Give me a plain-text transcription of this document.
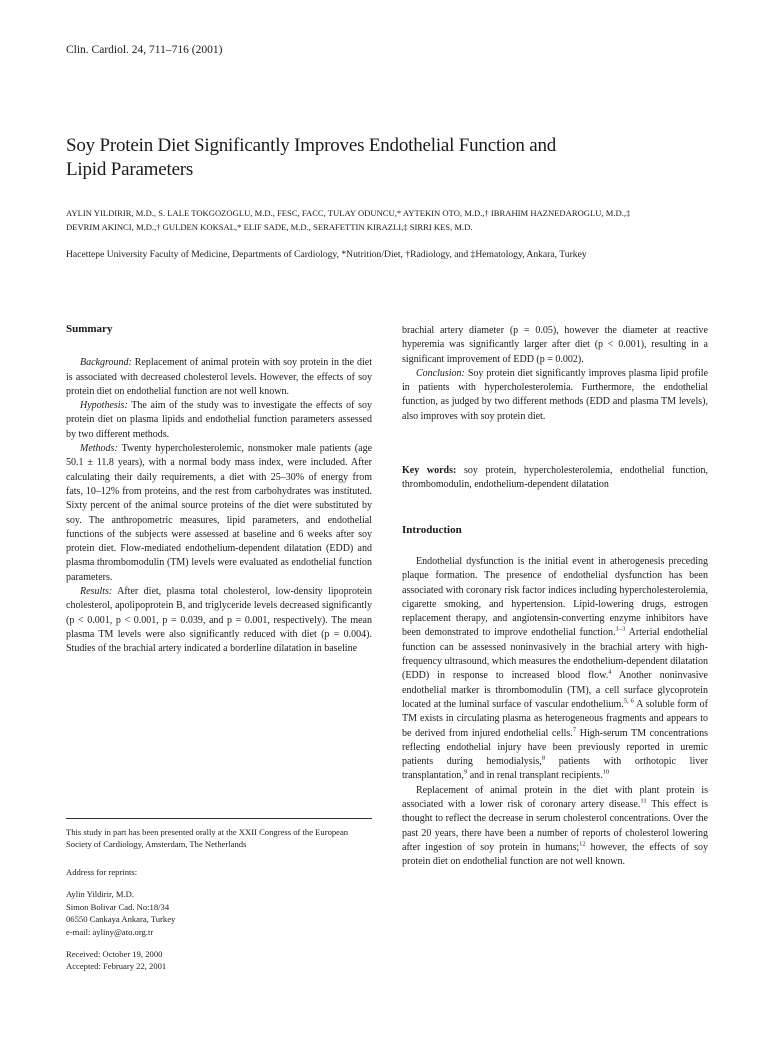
Clin. Cardiol. 24, 711–716 (2001)
Soy Protein Diet Significantly Improves Endothelial Function and
Lipid Parameters
AYLIN YILDIRIR, M.D., S. LALE TOKGOZOGLU, M.D., FESC, FACC, TULAY ODUNCU,* AYTEKIN OTO, M.D.,† IBRAHIM HAZNEDAROGLU, M.D.,‡
DEVRIM AKINCI, M.D.,† GULDEN KOKSAL,* ELIF SADE, M.D., SERAFETTIN KIRAZLI,‡ SIRRI KES, M.D.

Hacettepe University Faculty of Medicine, Departments of Cardiology, *Nutrition/Diet, †Radiology, and ‡Hematology, Ankara, Turkey

Summary

Background: Replacement of animal protein with soy protein in the diet is associated with decreased cholesterol levels. However, the effects of soy protein diet on endothelial function are not well known.

Hypothesis: The aim of the study was to investigate the effects of soy protein diet on plasma lipids and endothelial function parameters assessed by two different methods.

Methods: Twenty hypercholesterolemic, nonsmoker male patients (age 50.1 ± 11.8 years), with a normal body mass index, were included. After calculating their daily requirements, a diet with 25–30% of energy from fats, 10–12% from proteins, and the rest from carbohydrates was instituted. Sixty percent of the animal source proteins of the diet were substituted by soy. The anthropometric measures, lipid parameters, and endothelial functions of the subjects were assessed at baseline and 6 weeks after soy protein diet. Flow-mediated endothelium-dependent dilatation (EDD) and plasma thrombomodulin (TM) levels were evaluated as endothelial function parameters.

Results: After diet, plasma total cholesterol, low-density lipoprotein cholesterol, apolipoprotein B, and triglyceride levels decreased significantly (p < 0.001, p < 0.001, p = 0.039, and p = 0.001, respectively). The mean plasma TM levels were also significantly reduced with diet (p = 0.004). Studies of the brachial artery indicated a borderline dilatation in baseline

This study in part has been presented orally at the XXII Congress of the European Society of Cardiology, Amsterdam, The Netherlands

Address for reprints:

Aylin Yildirir, M.D.

Simon Bolivar Cad. No:18/34

06550 Cankaya Ankara, Turkey

e-mail: ayliny@ato.org.tr

Received: October 19, 2000

Accepted: February 22, 2001

brachial artery diameter (p = 0.05), however the diameter at reactive hyperemia was significantly larger after diet (p < 0.001), resulting in a significant improvement of EDD (p = 0.002).

Conclusion: Soy protein diet significantly improves plasma lipid profile in patients with hypercholesterolemia. Furthermore, the endothelial function, as judged by two different methods (EDD and plasma TM levels), also improves with soy protein diet.

Key words: soy protein, hypercholesterolemia, endothelial function, thrombomodulin, endothelium-dependent dilatation

Introduction

Endothelial dysfunction is the initial event in atherogenesis preceding plaque formation. The presence of endothelial dysfunction has been associated with coronary risk factor indices including hypercholesterolemia, cigarette smoking, and hypertension. Lipid-lowering drugs, estrogen replacement therapy, and angiotensin-converting enzyme inhibitors have been demonstrated to improve endothelial function.$^{1-3}$ Arterial endothelial function can be assessed noninvasively in the brachial artery with high-frequency ultrasound, which measures the endothelium-dependent dilatation (EDD) in response to increased blood flow.$^4$ Another noninvasive endothelial marker is thrombomodulin (TM), a cell surface glycoprotein located at the luminal surface of vascular endothelium.$^{5, 6}$ A soluble form of TM exists in circulating plasma as heterogeneous fragments and appears to be derived from injured endothelial cells.$^7$ High-serum TM concentrations reflecting endothelial injury have been previously reported in uremic patients during hemodialysis,$^8$ patients with orthotopic liver transplantation,$^9$ and in renal transplant recipients.$^{10}$

Replacement of animal protein in the diet with plant protein is associated with a lower risk of coronary artery disease.$^{11}$ This effect is thought to reflect the decrease in serum cholesterol concentrations. Over the past 20 years, there have been a number of reports of cholesterol lowering after ingestion of soy protein in humans;$^{12}$ however, the effects of soy protein diet on endothelial function are not well known.
